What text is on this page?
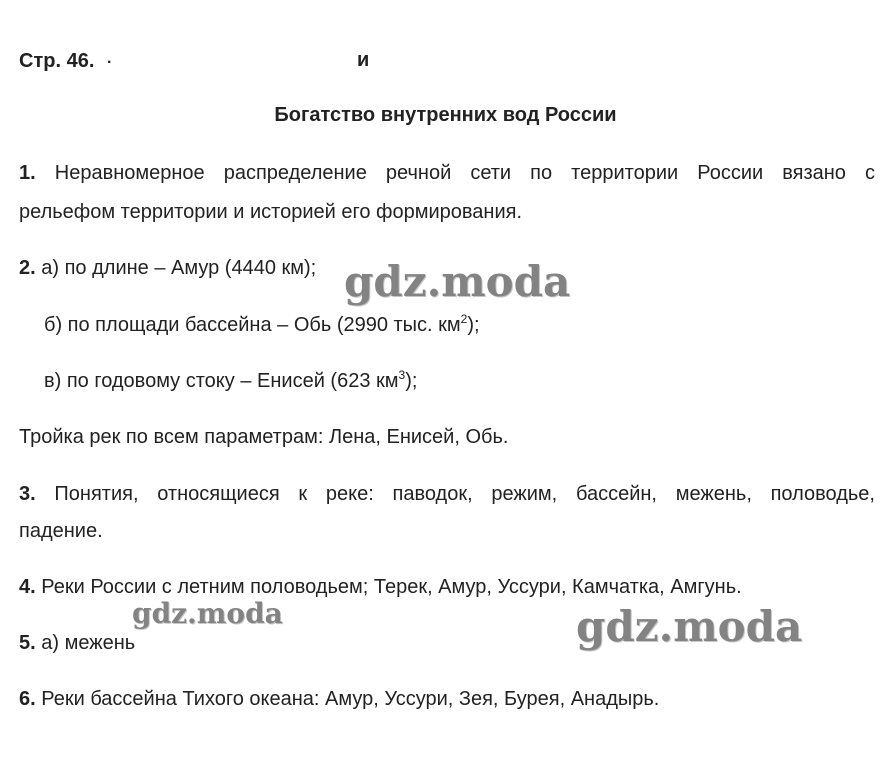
Стр. 46. .	и
Богатство внутренних вод России
1. Неравномерное распределение речной сети по территории России вязано с
рельефом территории и историей его формирования.
2. а) по длине – Амур (4440 км);
б) по площади бассейна – Обь (2990 тыс. $км^2$);
в) по годовому стоку – Енисей (623 $км^3$);
Тройка рек по всем параметрам: Лена, Енисей, Обь.
3. Понятия, относящиеся к реке: паводок, режим, бассейн, межень, половодье,
падение.
4. Реки России с летним половодьем; Терек, Амур, Уссури, Камчатка, Амгунь.
5. а) межень
6. Реки бассейна Тихого океана: Амур, Уссури, Зея, Бурея, Анадырь.
gdz.moda
gdz.moda	gdz.moda
